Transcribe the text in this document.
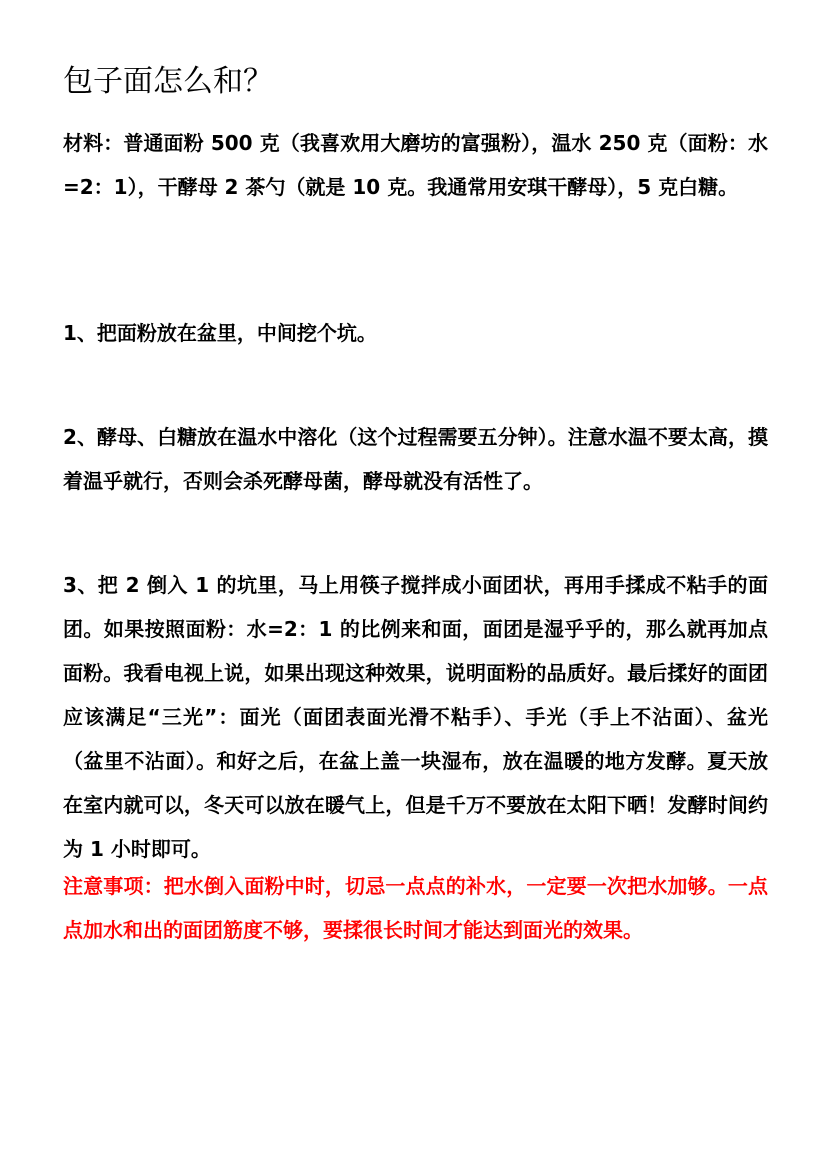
包子面怎么和？

材料：普通面粉 500 克（我喜欢用大磨坊的富强粉），温水 250 克（面粉：水=2：1），干酵母 2 茶勺（就是 10 克。我通常用安琪干酵母），5 克白糖。

1、把面粉放在盆里，中间挖个坑。

2、酵母、白糖放在温水中溶化（这个过程需要五分钟）。注意水温不要太高，摸着温乎就行，否则会杀死酵母菌，酵母就没有活性了。

3、把 2 倒入 1 的坑里，马上用筷子搅拌成小面团状，再用手揉成不粘手的面团。如果按照面粉：水=2：1 的比例来和面，面团是湿乎乎的，那么就再加点面粉。我看电视上说，如果出现这种效果，说明面粉的品质好。最后揉好的面团应该满足“三光”：面光（面团表面光滑不粘手）、手光（手上不沾面）、盆光（盆里不沾面）。和好之后，在盆上盖一块湿布，放在温暖的地方发酵。夏天放在室内就可以，冬天可以放在暖气上，但是千万不要放在太阳下晒！发酵时间约为 1 小时即可。

注意事项：把水倒入面粉中时，切忌一点点的补水，一定要一次把水加够。一点点加水和出的面团筋度不够，要揉很长时间才能达到面光的效果。
